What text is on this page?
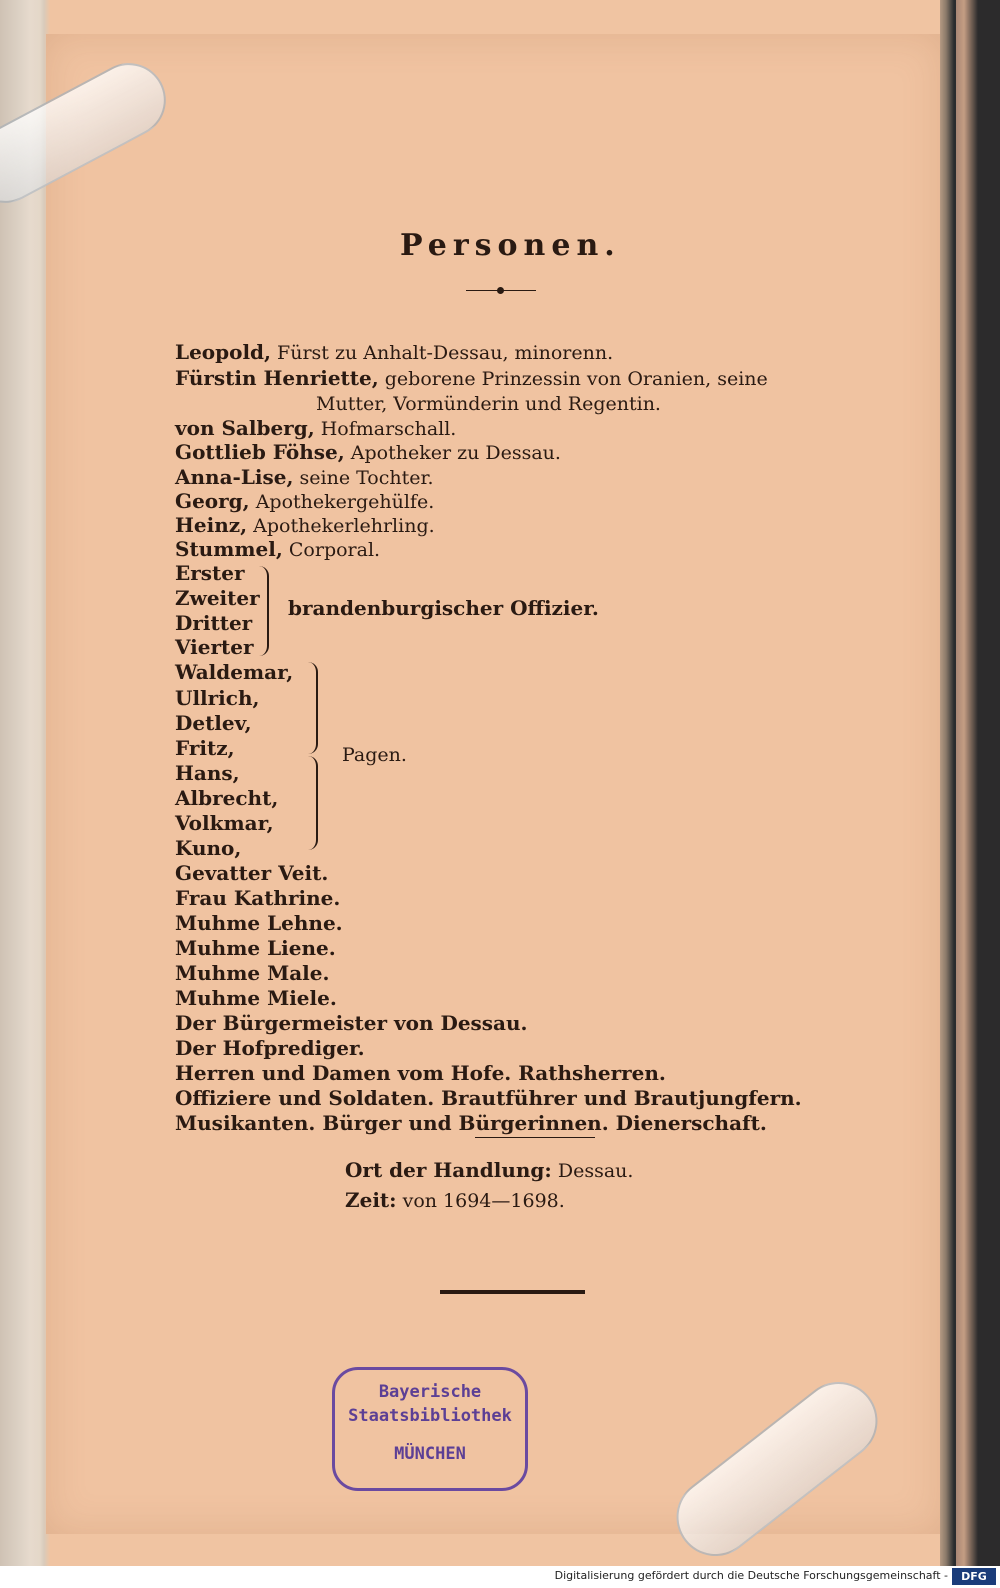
Personen.
Leopold, Fürst zu Anhalt-Dessau, minorenn.
Fürstin Henriette, geborene Prinzessin von Oranien, seine
Mutter, Vormünderin und Regentin.
von Salberg, Hofmarschall.
Gottlieb Föhse, Apotheker zu Dessau.
Anna-Lise, seine Tochter.
Georg, Apothekergehülfe.
Heinz, Apothekerlehrling.
Stummel, Corporal.
Erster
Zweiter
Dritter
Vierter
brandenburgischer Offizier.
Waldemar,
Ullrich,
Detlev,
Fritz,
Hans,
Albrecht,
Volkmar,
Kuno,
Pagen.
Gevatter Veit.
Frau Kathrine.
Muhme Lehne.
Muhme Liene.
Muhme Male.
Muhme Miele.
Der Bürgermeister von Dessau.
Der Hofprediger.
Herren und Damen vom Hofe. Rathsherren.
Offiziere und Soldaten. Brautführer und Brautjungfern.
Musikanten. Bürger und Bürgerinnen. Dienerschaft.
Ort der Handlung: Dessau.
Zeit: von 1694—1698.
Bayerische
Staatsbibliothek
MÜNCHEN
Digitalisierung gefördert durch die Deutsche Forschungsgemeinschaft -	DFG
